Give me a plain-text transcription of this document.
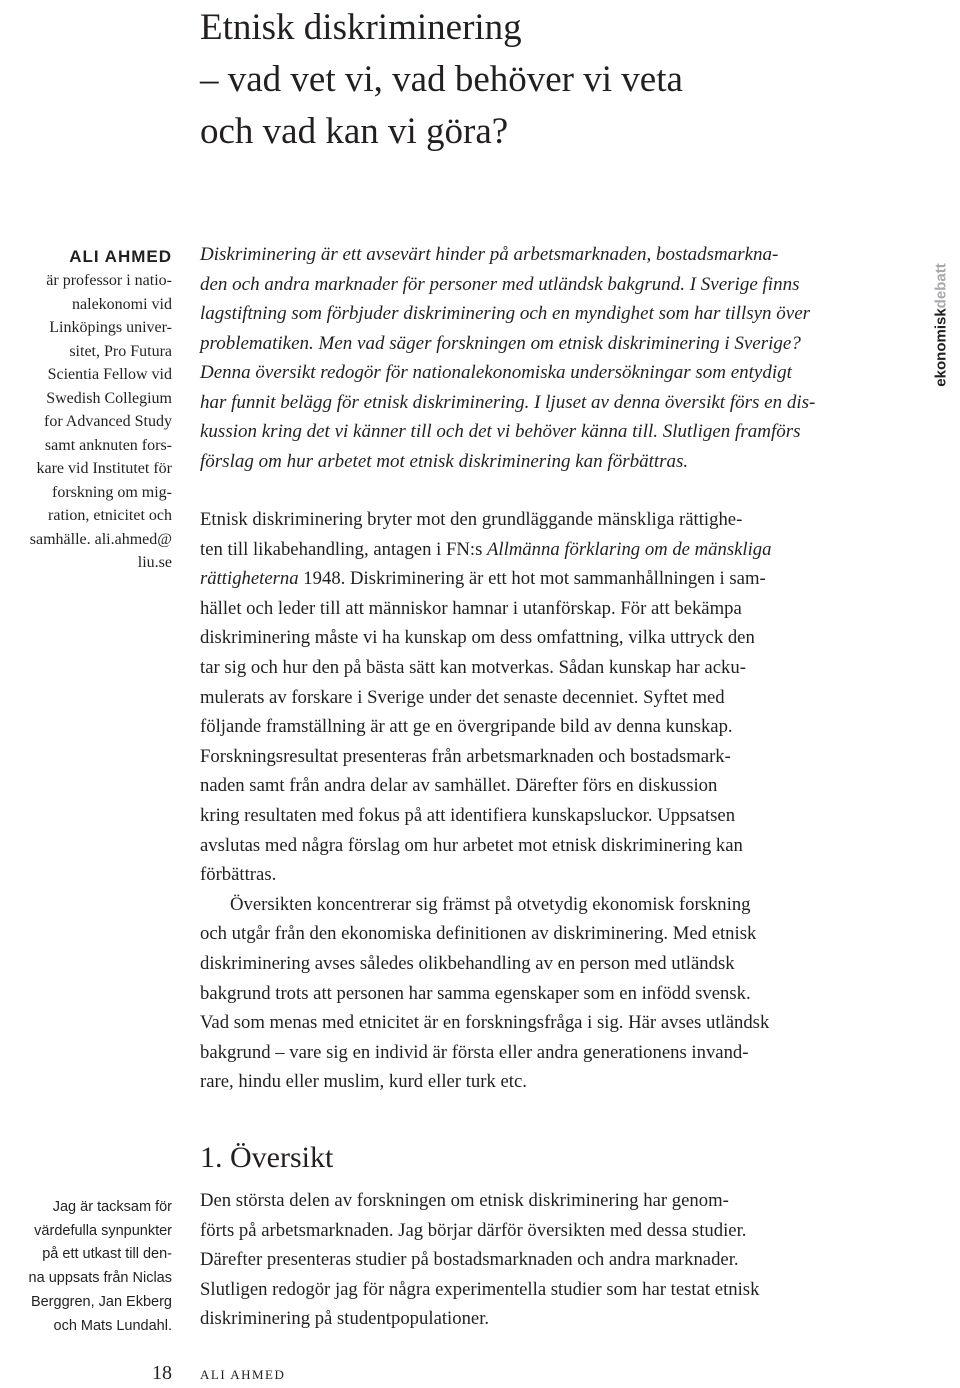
Etnisk diskriminering
– vad vet vi, vad behöver vi veta
och vad kan vi göra?
ALI AHMED
är professor i natio-
nalekonomi vid
Linköpings univer-
sitet, Pro Futura
Scientia Fellow vid
Swedish Collegium
for Advanced Study
samt anknuten fors-
kare vid Institutet för
forskning om mig-
ration, etnicitet och
samhälle. ali.ahmed@
liu.se
Diskriminering är ett avsevärt hinder på arbetsmarknaden, bostadsmarkna-
den och andra marknader för personer med utländsk bakgrund. I Sverige finns
lagstiftning som förbjuder diskriminering och en myndighet som har tillsyn över
problematiken. Men vad säger forskningen om etnisk diskriminering i Sverige?
Denna översikt redogör för nationalekonomiska undersökningar som entydigt
har funnit belägg för etnisk diskriminering. I ljuset av denna översikt förs en dis-
kussion kring det vi känner till och det vi behöver känna till. Slutligen framförs
förslag om hur arbetet mot etnisk diskriminering kan förbättras.
ekonomiskdebatt
Etnisk diskriminering bryter mot den grundläggande mänskliga rättighe-
ten till likabehandling, antagen i FN:s Allmänna förklaring om de mänskliga
rättigheterna 1948. Diskriminering är ett hot mot sammanhållningen i sam-
hället och leder till att människor hamnar i utanförskap. För att bekämpa
diskriminering måste vi ha kunskap om dess omfattning, vilka uttryck den
tar sig och hur den på bästa sätt kan motverkas. Sådan kunskap har acku-
mulerats av forskare i Sverige under det senaste decenniet. Syftet med
följande framställning är att ge en övergripande bild av denna kunskap.
Forskningsresultat presenteras från arbetsmarknaden och bostadsmark-
naden samt från andra delar av samhället. Därefter förs en diskussion
kring resultaten med fokus på att identifiera kunskapsluckor. Uppsatsen
avslutas med några förslag om hur arbetet mot etnisk diskriminering kan
förbättras.
Översikten koncentrerar sig främst på otvetydig ekonomisk forskning
och utgår från den ekonomiska definitionen av diskriminering. Med etnisk
diskriminering avses således olikbehandling av en person med utländsk
bakgrund trots att personen har samma egenskaper som en infödd svensk.
Vad som menas med etnicitet är en forskningsfråga i sig. Här avses utländsk
bakgrund – vare sig en individ är första eller andra generationens invand-
rare, hindu eller muslim, kurd eller turk etc.
1. Översikt
Den största delen av forskningen om etnisk diskriminering har genom-
förts på arbetsmarknaden. Jag börjar därför översikten med dessa studier.
Därefter presenteras studier på bostadsmarknaden och andra marknader.
Slutligen redogör jag för några experimentella studier som har testat etnisk
diskriminering på studentpopulationer.
Jag är tacksam för
värdefulla synpunkter
på ett utkast till den-
na uppsats från Niclas
Berggren, Jan Ekberg
och Mats Lundahl.
18 ALI AHMED
